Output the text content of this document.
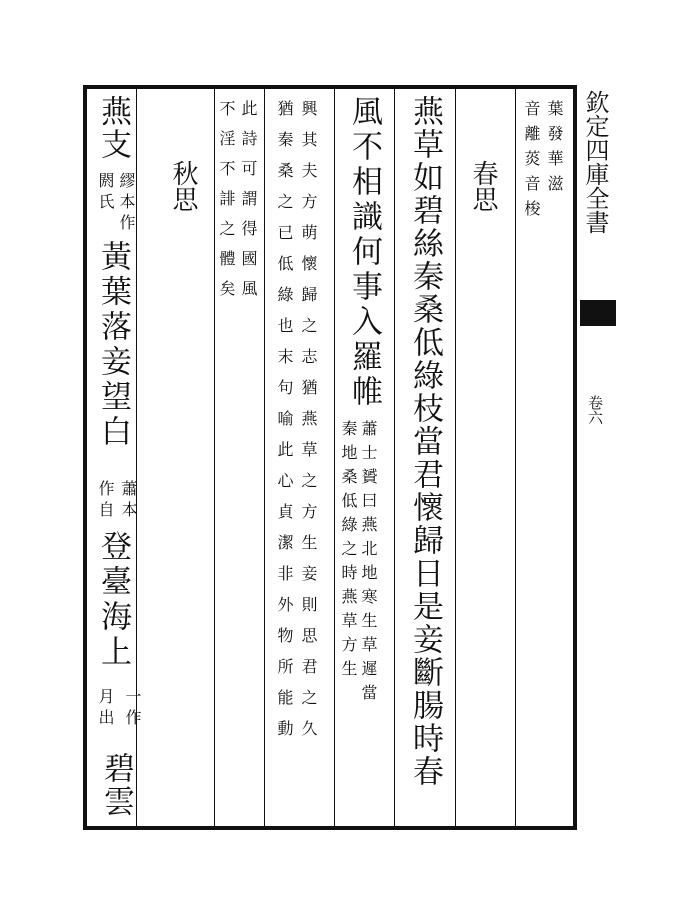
欽定四庫全書
卷六
葉發華滋
音離菼音梭
春思
燕草如碧絲秦桑低綠枝當君懷歸日是妾斷腸時春
風不相識何事入羅帷
蕭士贇曰燕北地寒生草遲當
秦地桑低綠之時燕草方生
興其夫方萌懷歸之志猶燕草之方生妾則思君之久
猶秦桑之已低綠也末句喻此心貞潔非外物所能動
此詩可謂得國風
不淫不誹之體矣
秋思
燕支
繆本作
閼氏
黃葉落妾望白
蕭本
作自
登臺海上
一作
月出
碧雲
